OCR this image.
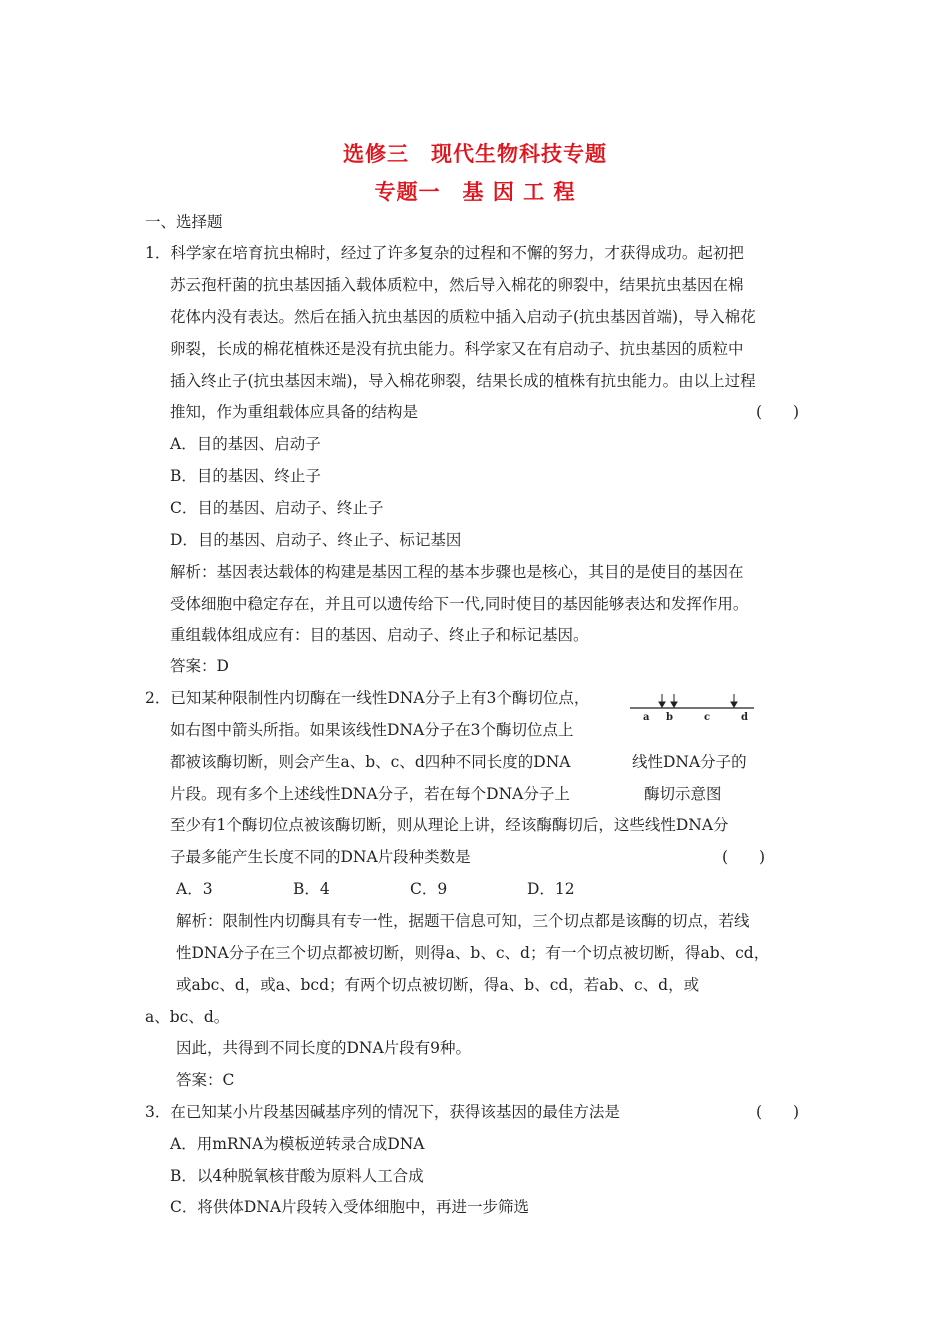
选修三　现代生物科技专题
专题一　基 因 工 程
一、选择题
1．科学家在培育抗虫棉时，经过了许多复杂的过程和不懈的努力，才获得成功。起初把
苏云孢杆菌的抗虫基因插入载体质粒中，然后导入棉花的卵裂中，结果抗虫基因在棉
花体内没有表达。然后在插入抗虫基因的质粒中插入启动子(抗虫基因首端)，导入棉花
卵裂，长成的棉花植株还是没有抗虫能力。科学家又在有启动子、抗虫基因的质粒中
插入终止子(抗虫基因末端)，导入棉花卵裂，结果长成的植株有抗虫能力。由以上过程
推知，作为重组载体应具备的结构是	(　　)
A．目的基因、启动子
B．目的基因、终止子
C．目的基因、启动子、终止子
D．目的基因、启动子、终止子、标记基因
解析：基因表达载体的构建是基因工程的基本步骤也是核心，其目的是使目的基因在
受体细胞中稳定存在，并且可以遗传给下一代,同时使目的基因能够表达和发挥作用。
重组载体组成应有：目的基因、启动子、终止子和标记基因。
答案：D
2．已知某种限制性内切酶在一线性DNA分子上有3个酶切位点，
如右图中箭头所指。如果该线性DNA分子在3个酶切位点上
都被该酶切断，则会产生a、b、c、d四种不同长度的DNA
片段。现有多个上述线性DNA分子，若在每个DNA分子上
至少有1个酶切位点被该酶切断，则从理论上讲，经该酶酶切后，这些线性DNA分
子最多能产生长度不同的DNA片段种类数是	(　　)
a b	c	d
线性DNA分子的
酶切示意图
A．3	B．4	C．9	D．12
解析：限制性内切酶具有专一性，据题干信息可知，三个切点都是该酶的切点，若线
性DNA分子在三个切点都被切断，则得a、b、c、d；有一个切点被切断，得ab、cd，
或abc、d，或a、bcd；有两个切点被切断，得a、b、cd，若ab、c、d，或
a、bc、d。
因此，共得到不同长度的DNA片段有9种。
答案：C
3．在已知某小片段基因碱基序列的情况下，获得该基因的最佳方法是	(　　)
A．用mRNA为模板逆转录合成DNA
B．以4种脱氧核苷酸为原料人工合成
C．将供体DNA片段转入受体细胞中，再进一步筛选
